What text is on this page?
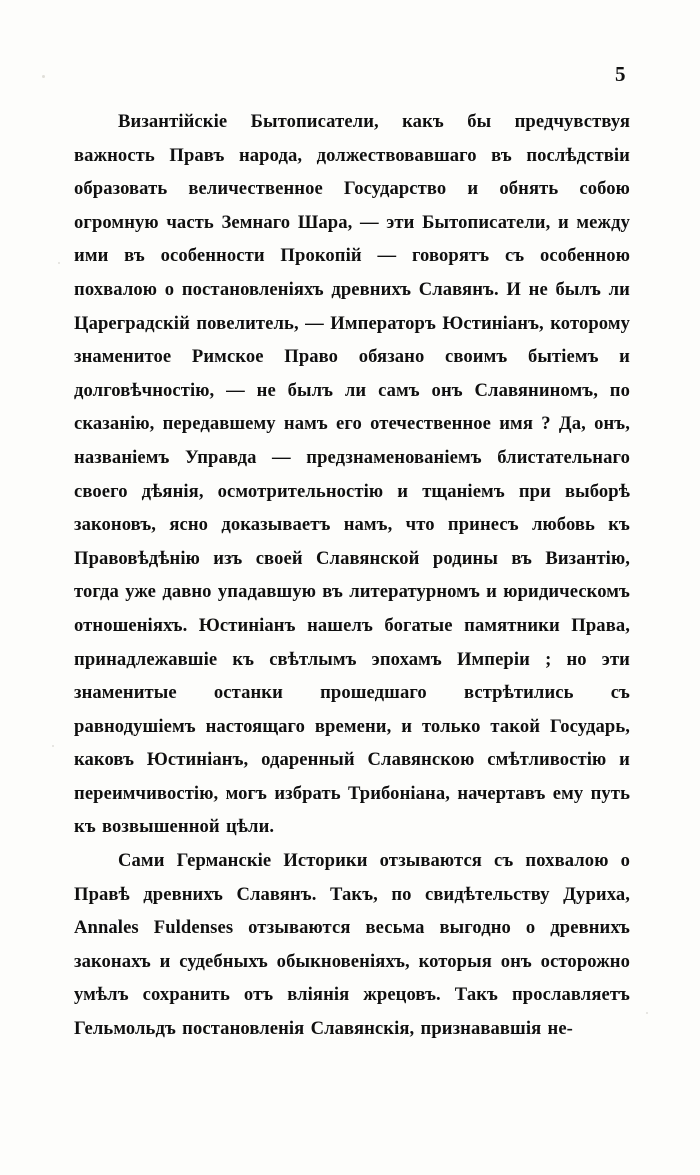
5

Византійскіе Бытописатели, какъ бы предчувствуя важность Правъ народа, должествовавшаго въ послѣдствіи образовать величественное Государство и обнять собою огромную часть Земнаго Шара, — эти Бытописатели, и между ими въ особенности Прокопій — говорятъ съ особенною похвалою о постановленіяхъ древнихъ Славянъ. И не былъ ли Цареградскій повелитель, — Императоръ Юстиніанъ, которому знаменитое Римское Право обязано своимъ бытіемъ и долговѣчностію, — не былъ ли самъ онъ Славяниномъ, по сказанію, передавшему намъ его отечественное имя ? Да, онъ, названіемъ Управда — предзнаменованіемъ блистательнаго своего дѣянія, осмотрительностію и тщаніемъ при выборѣ законовъ, ясно доказываетъ намъ, что принесъ любовь къ Правовѣдѣнію изъ своей Славянской родины въ Византію, тогда уже давно упадавшую въ литературномъ и юридическомъ отношеніяхъ. Юстиніанъ нашелъ богатые памятники Права, принадлежавшіе къ свѣтлымъ эпохамъ Имперіи ; но эти знаменитые останки прошедшаго встрѣтились съ равнодушіемъ настоящаго времени, и только такой Государь, каковъ Юстиніанъ, одаренный Славянскою смѣтливостію и переимчивостію, могъ избрать Трибоніана, начертавъ ему путь къ возвышенной цѣли.

Сами Германскіе Историки отзываются съ похвалою о Правѣ древнихъ Славянъ. Такъ, по свидѣтельству Дуриха, Annales Fuldenses отзываются весьма выгодно о древнихъ законахъ и судебныхъ обыкновеніяхъ, которыя онъ осторожно умѣлъ сохранить отъ вліянія жрецовъ. Такъ прославляетъ Гельмольдъ постановленія Славянскія, признававшія не-
